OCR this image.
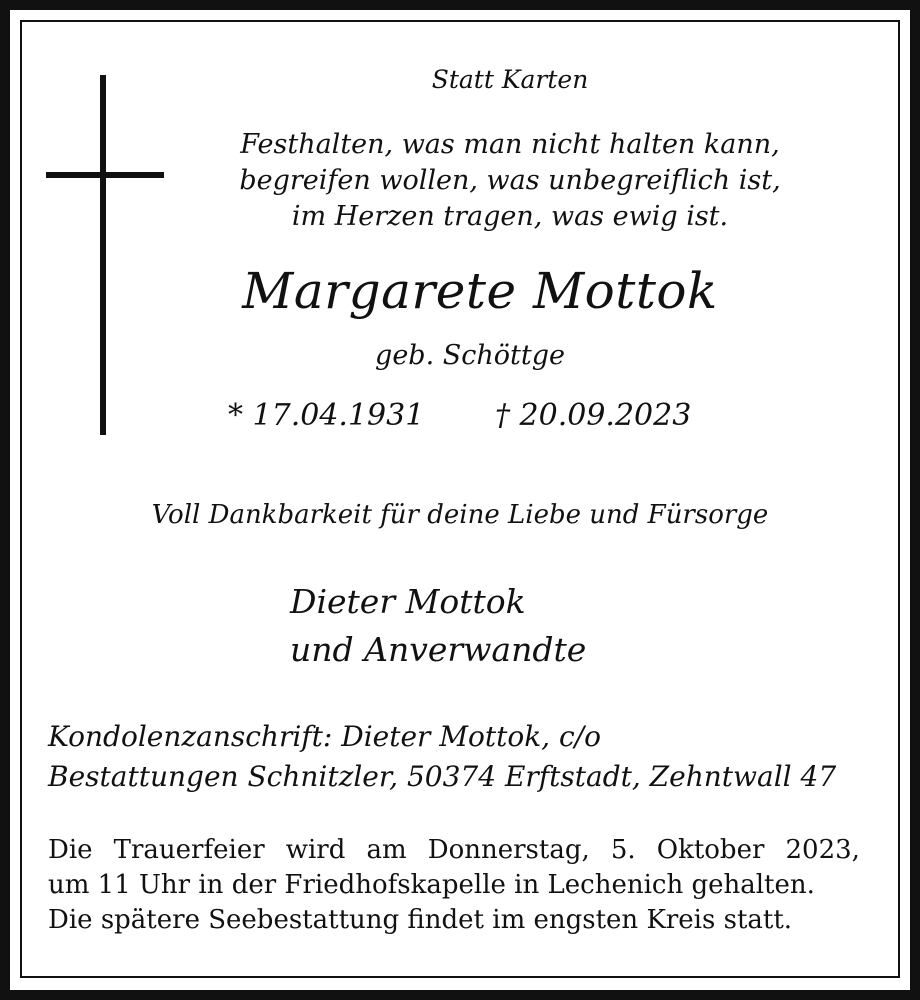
Statt Karten

Festhalten, was man nicht halten kann,

begreifen wollen, was unbegreiflich ist,

im Herzen tragen, was ewig ist.

Margarete Mottok

geb. Schöttge

* 17.04.1931 † 20.09.2023

Voll Dankbarkeit für deine Liebe und Fürsorge

Dieter Mottok

und Anverwandte

Kondolenzanschrift: Dieter Mottok, c/o

Bestattungen Schnitzler, 50374 Erftstadt, Zehntwall 47

Die Trauerfeier wird am Donnerstag, 5. Oktober 2023,

um 11 Uhr in der Friedhofskapelle in Lechenich gehalten.

Die spätere Seebestattung findet im engsten Kreis statt.
